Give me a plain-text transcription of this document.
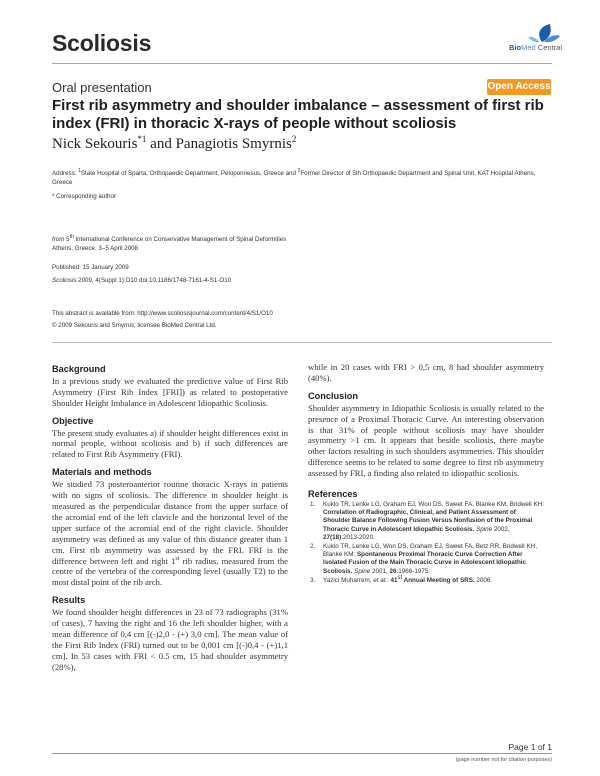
Scoliosis	BioMed Central
Oral presentation	Open Access
First rib asymmetry and shoulder imbalance – assessment of first rib index (FRI) in thoracic X-rays of people without scoliosis
Nick Sekouris$^{*1}$ and Panagiotis Smyrnis$^2$
Address: $^1$State Hospital of Sparta, Orthopaedic Department, Peloponnesus, Greece and $^2$Former Director of 5th Orthopaedic Department and Spinal Unit, KAT Hospital Athens, Greece
* Corresponding author
from 5th International Conference on Conservative Management of Spinal Deformities
Athens, Greece. 3–5 April 2008
Published: 15 January 2009
Scoliosis 2009, 4(Suppl 1):O10 doi:10.1186/1748-7161-4-S1-O10
This abstract is available from: http://www.scoliosisjournal.com/content/4/S1/O10
© 2009 Sekouris and Smyrnis; licensee BioMed Central Ltd.
Background

In a previous study we evaluated the predictive value of First Rib Asymmetry (First Rib Index [FRI]) as related to postoperative Shoulder Height Imbalance in Adolescent Idiopathic Scoliosis.

Objective

The present study evaluates a) if shoulder height differences exist in normal people, without scoliosis and b) if such differences are related to First Rib Asymmetry (FRI).

Materials and methods

We studied 73 posteroanterior routine thoracic X-rays in patients with no signs of scoliosis. The difference in shoulder height is measured as the perpendicular distance from the upper surface of the acromial end of the left clavicle and the horizontal level of the upper surface of the acromial end of the right clavicle. Shoulder asymmetry was defined as any value of this distance greater than 1 cm. First rib asymmetry was assessed by the FRI. FRI is the difference between left and right 1st rib radius, measured from the centre of the vertebra of the corresponding level (usually T2) to the most distal point of the rib arch.

Results

We found shoulder height differences in 23 of 73 radiographs (31% of cases), 7 having the right and 16 the left shoulder higher, with a mean difference of 0,4 cm [(-)2,0 - (+) 3,0 cm]. The mean value of the First Rib Index (FRI) turned out to be 0,001 cm [(-)0,4 - (+)1,1 cm]. In 53 cases with FRI < 0.5 cm, 15 had shoulder asymmetry (28%),

while in 20 cases with FRI > 0,5 cm, 8 had shoulder asymmetry (40%).

Conclusion

Shoulder asymmetry in Idiopathic Scoliosis is usually related to the presence of a Proximal Thoracic Curve. An interesting observation is that 31% of people without scoliosis may have shoulder asymmetry >1 cm. It appears that beside scoliosis, there maybe other factors resulting in such shoulders asymmetries. This shoulder difference seems to be related to some degree to first rib asymmetry assessed by FRI, a finding also related to idiopathic scoliosis.

References
1. Kuklo TR, Lenke LG, Graham EJ, Won DS, Sweet FA, Blanke KM, Bridwell KH: Correlation of Radiographic, Clinical, and Patient Assessment of Shoulder Balance Following Fusion Versus Nonfusion of the Proximal Thoracic Curve in Adolescent Idiopathic Scoliosis. Spine 2002, 27(18):2013-2020.
2. Kuklo TR, Lenke LG, Won DS, Graham EJ, Sweet FA, Betz RR, Bridwell KH, Blanke KM: Spontaneous Proximal Thoracic Curve Correction After Isolated Fusion of the Main Thoracic Curve in Adolescent Idiopathic Scoliosis. Spine 2001, 26:1966-1975.
3. Yazici Muharrem, et al.: 41st Annual Meeting of SRS. 2006.
Page 1 of 1
(page number not for citation purposes)
